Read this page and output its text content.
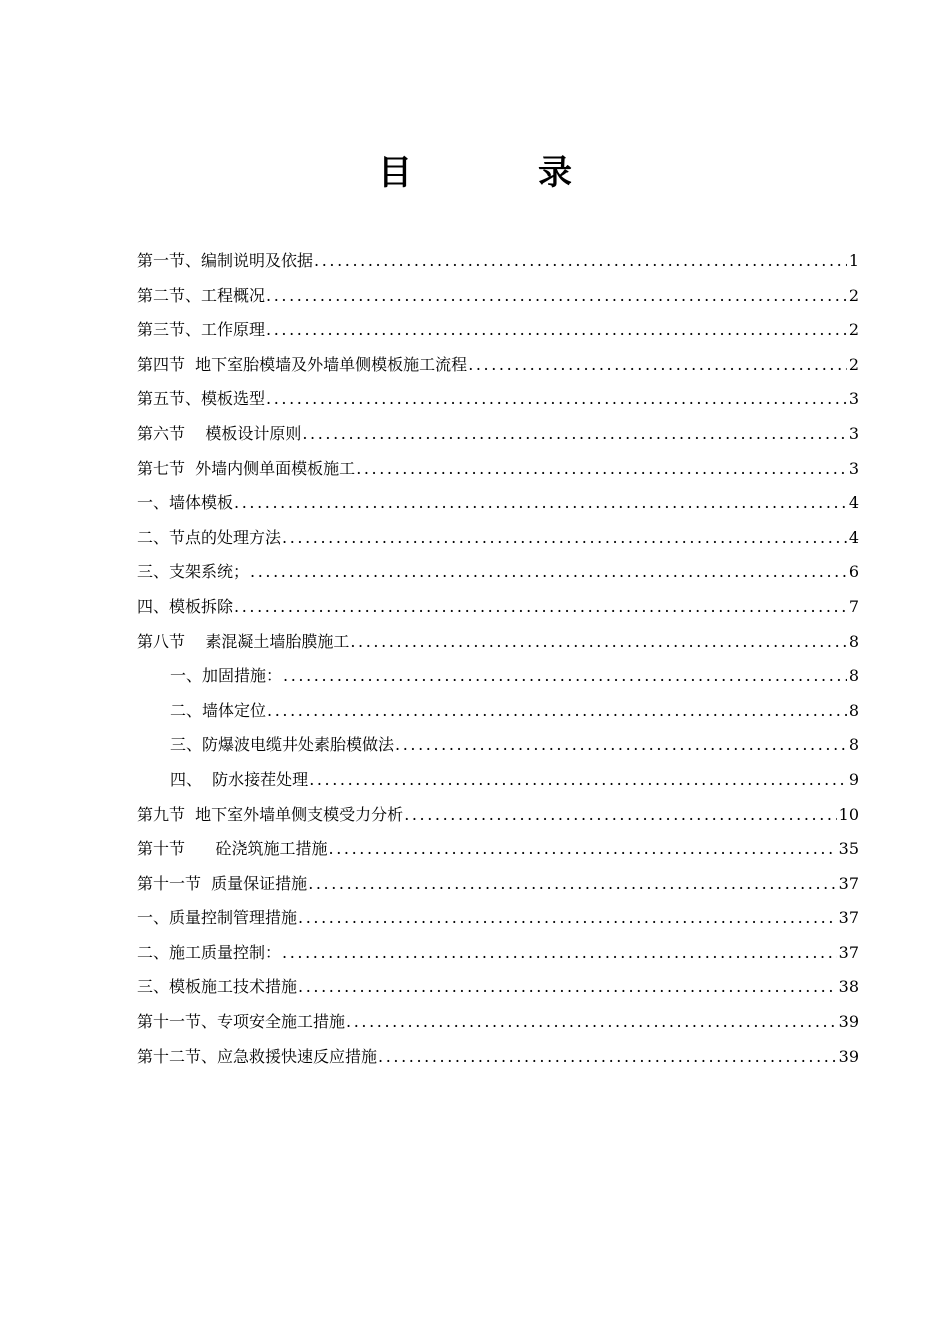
目　录
第一节、编制说明及依据 .....	1
第二节、工程概况 .....	2
第三节、工作原理 .....	2
第四节  地下室胎模墙及外墙单侧模板施工流程 .....	2
第五节、模板选型 .....	3
第六节    模板设计原则 .....	3
第七节  外墙内侧单面模板施工 .....	3
一、墙体模板 .....	4
二、节点的处理方法 .....	4
三、支架系统； .....	6
四、模板拆除 .....	7
第八节    素混凝土墙胎膜施工 .....	8
一、加固措施： .....	8
二、墙体定位 .....	8
三、防爆波电缆井处素胎模做法 .....	8
四、  防水接茬处理 .....	9
第九节  地下室外墙单侧支模受力分析 .....	10
第十节      砼浇筑施工措施 .....	35
第十一节  质量保证措施 .....	37
一、质量控制管理措施 .....	37
二、施工质量控制： .....	37
三、模板施工技术措施 .....	38
第十一节、专项安全施工措施 .....	39
第十二节、应急救援快速反应措施 .....	39
